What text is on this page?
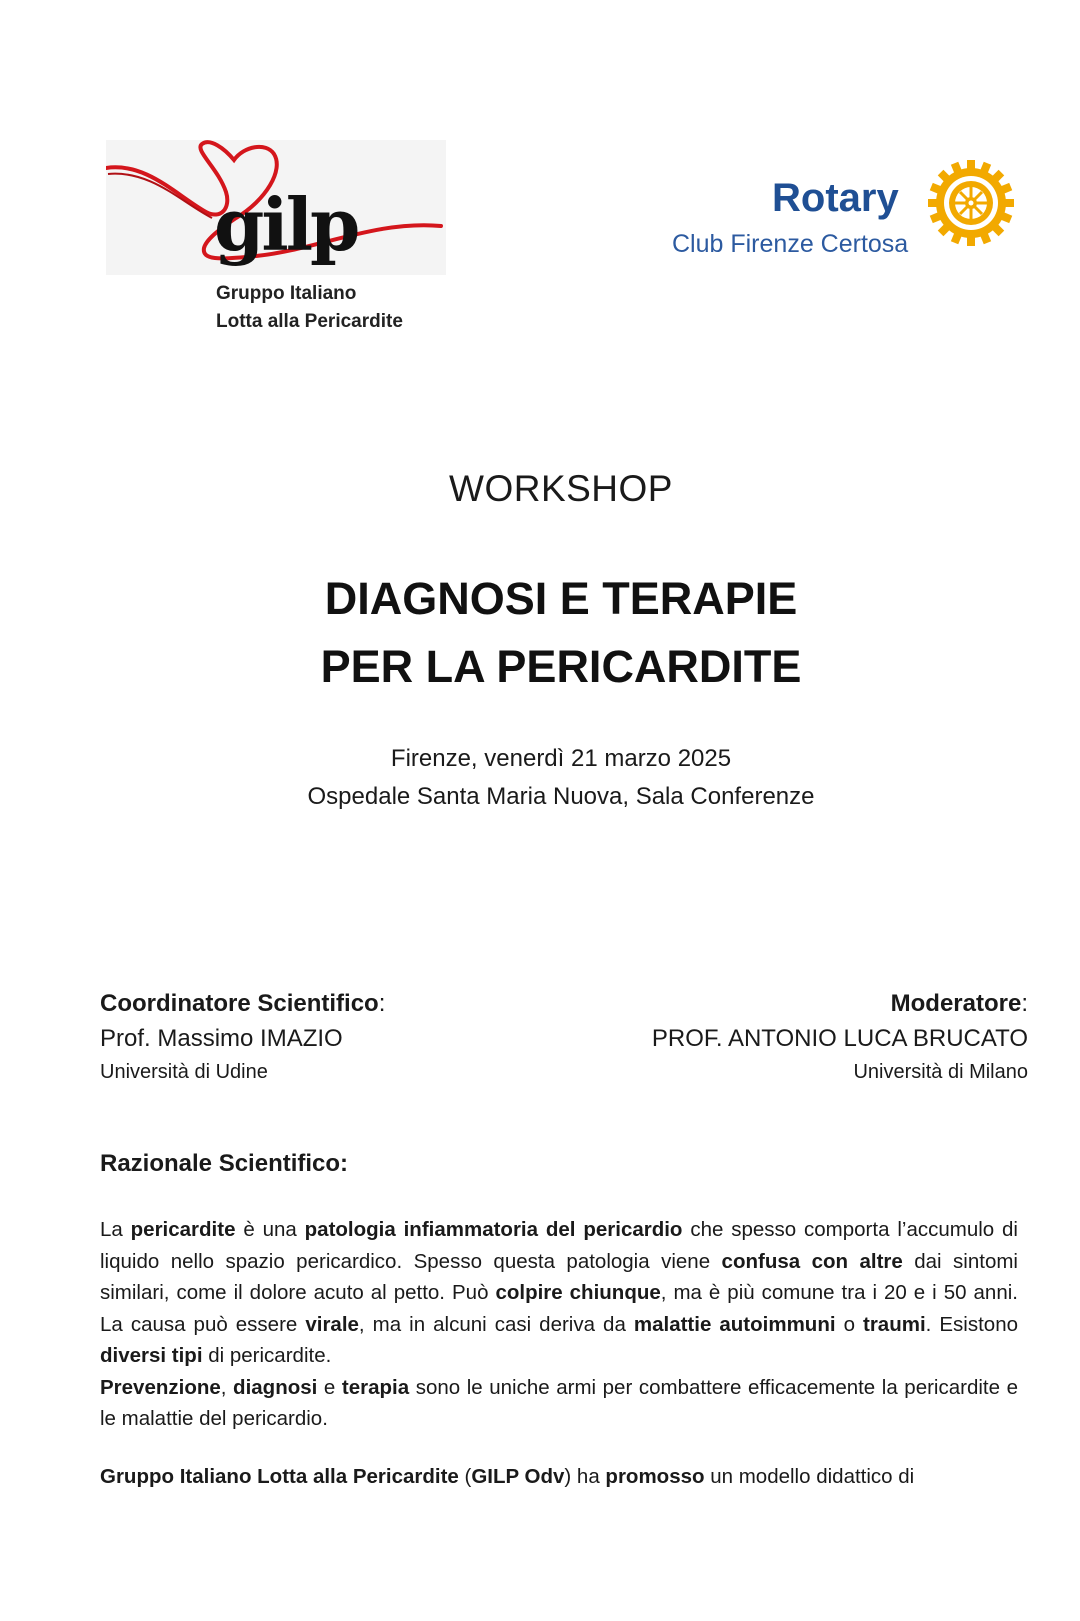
gilp
Gruppo Italiano
Lotta alla Pericardite
Rotary
Club Firenze Certosa
WORKSHOP
DIAGNOSI E TERAPIE
PER LA PERICARDITE
Firenze, venerdì 21 marzo 2025
Ospedale Santa Maria Nuova, Sala Conferenze
Coordinatore Scientifico:
Prof. Massimo IMAZIO
Università di Udine
Moderatore:
PROF. ANTONIO LUCA BRUCATO
Università di Milano
Razionale Scientifico:

La pericardite è una patologia infiammatoria del pericardio che spesso comporta l’accumulo di liquido nello spazio pericardico. Spesso questa patologia viene confusa con altre dai sintomi similari, come il dolore acuto al petto. Può colpire chiunque, ma è più comune tra i 20 e i 50 anni. La causa può essere virale, ma in alcuni casi deriva da malattie autoimmuni o traumi. Esistono diversi tipi di pericardite.

Prevenzione, diagnosi e terapia sono le uniche armi per combattere efficacemente la pericardite e le malattie del pericardio.

Gruppo Italiano Lotta alla Pericardite (GILP Odv) ha promosso un modello didattico di
